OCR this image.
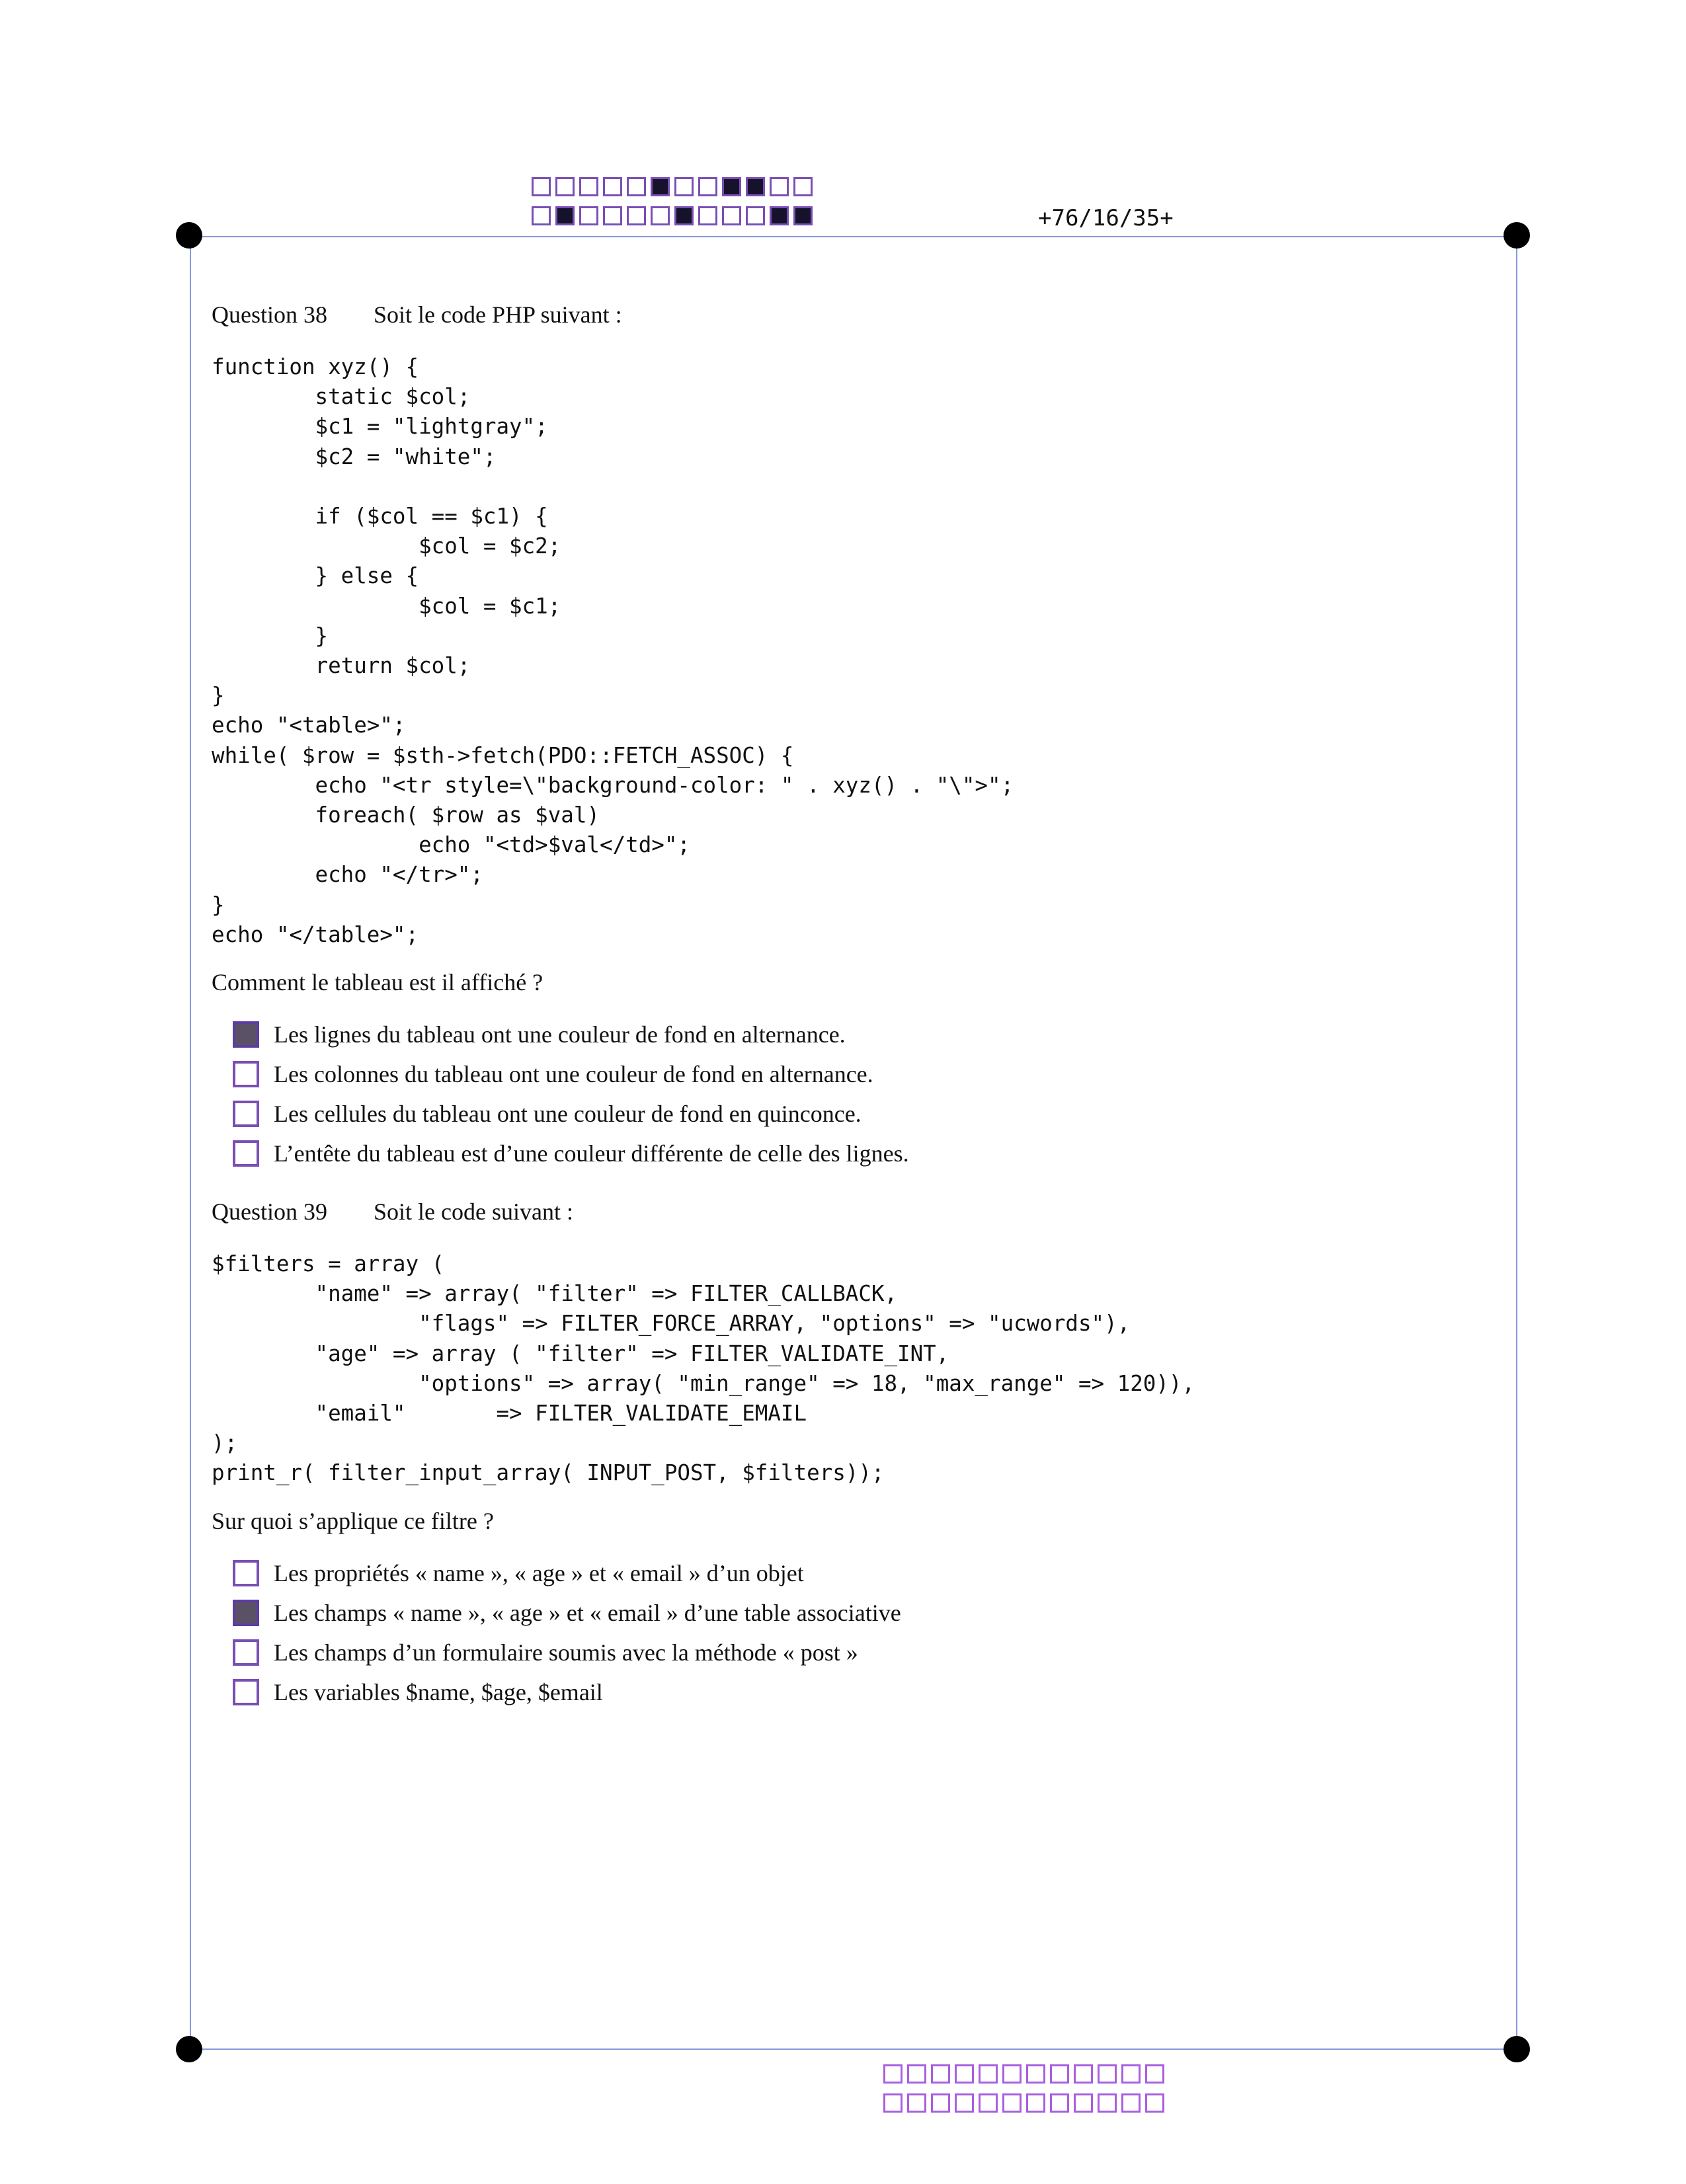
+76/16/35+
Question 38 Soit le code PHP suivant :
function xyz() {
static $col;
$c1 = "lightgray";
$c2 = "white";

if ($col == $c1) {
$col = $c2;
} else {
$col = $c1;
}
return $col;
}
echo "<table>";
while( $row = $sth->fetch(PDO::FETCH_ASSOC) {
echo "<tr style=\"background-color: " . xyz() . "\">";
foreach( $row as $val)
echo "<td>$val</td>";
echo "</tr>";
}
echo "</table>";
Comment le tableau est il affiché ?
Les lignes du tableau ont une couleur de fond en alternance.
Les colonnes du tableau ont une couleur de fond en alternance.
Les cellules du tableau ont une couleur de fond en quinconce.
L’entête du tableau est d’une couleur différente de celle des lignes.
Question 39 Soit le code suivant :
$filters = array (
"name" => array( "filter" => FILTER_CALLBACK,
"flags" => FILTER_FORCE_ARRAY, "options" => "ucwords"),
"age" => array ( "filter" => FILTER_VALIDATE_INT,
"options" => array( "min_range" => 18, "max_range" => 120)),
"email"       => FILTER_VALIDATE_EMAIL
);
print_r( filter_input_array( INPUT_POST, $filters));
Sur quoi s’applique ce filtre ?
Les propriétés « name », « age » et « email » d’un objet
Les champs « name », « age » et « email » d’une table associative
Les champs d’un formulaire soumis avec la méthode « post »
Les variables $name, $age, $email
